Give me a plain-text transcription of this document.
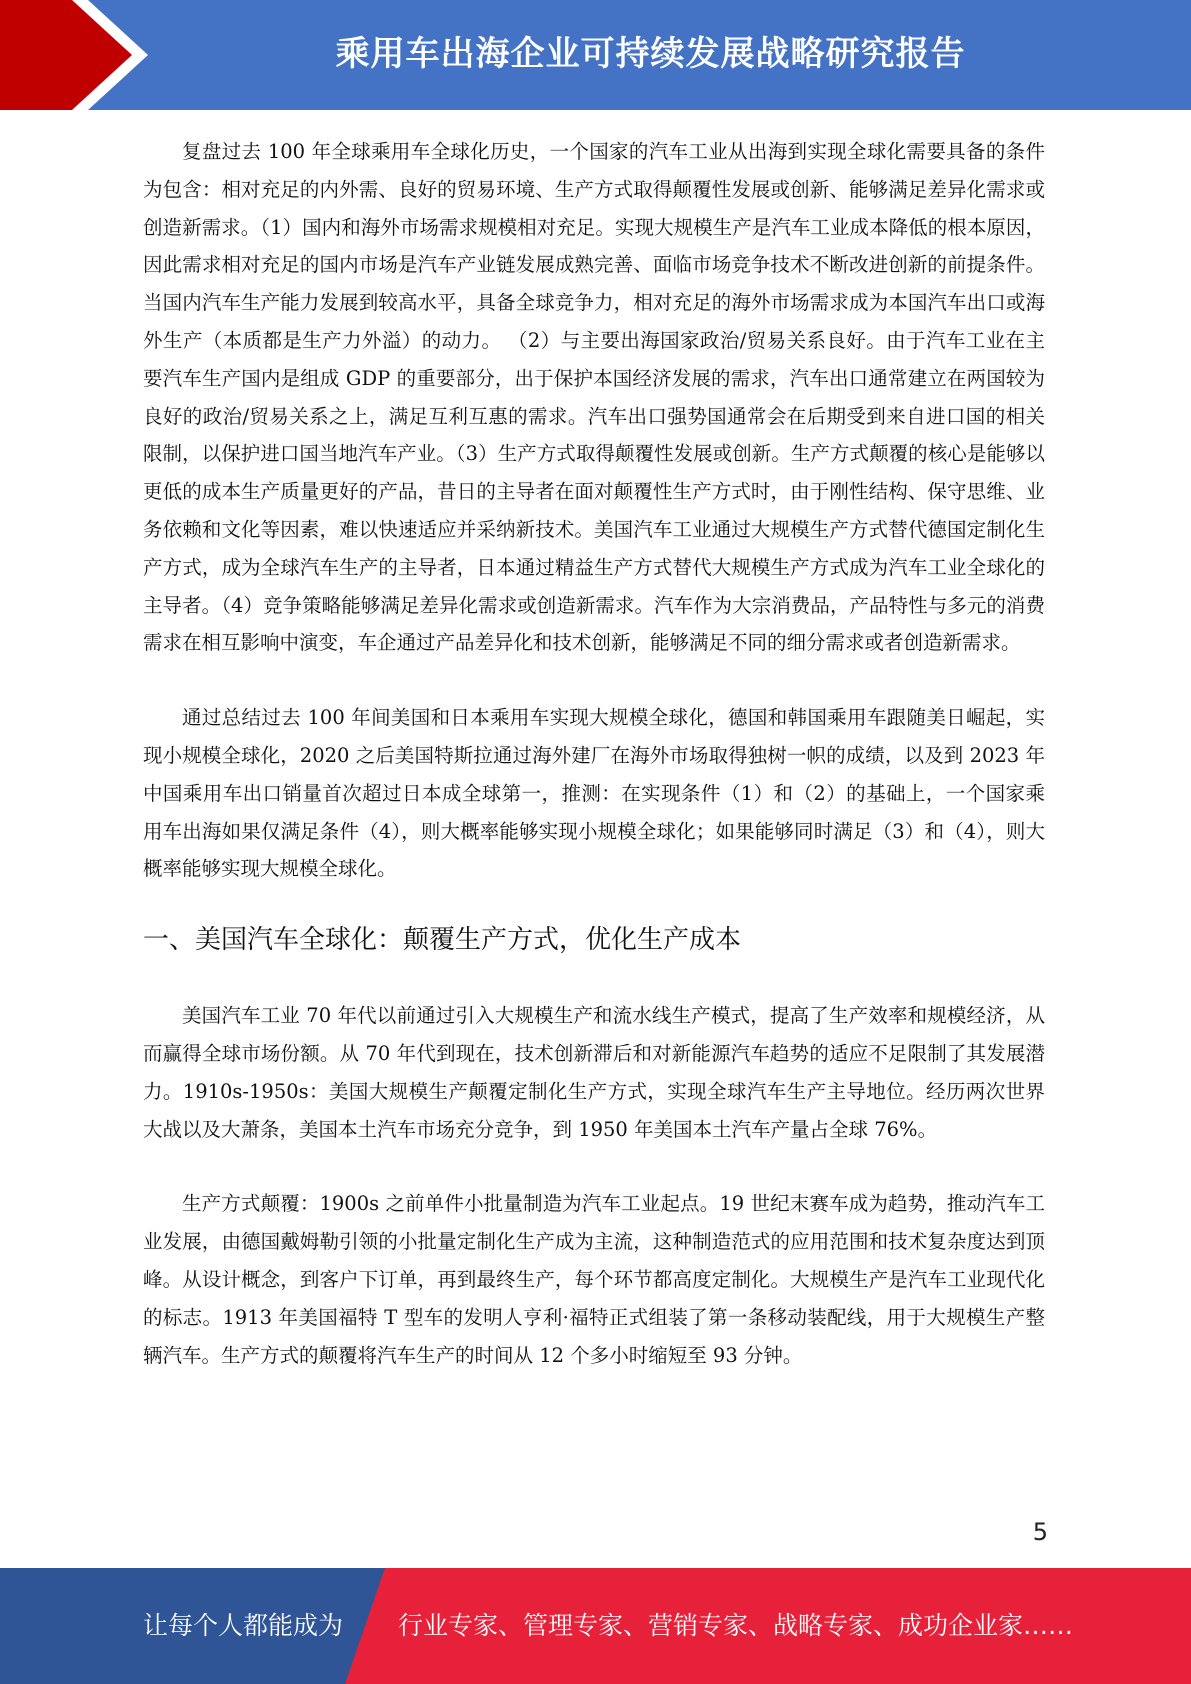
乘用车出海企业可持续发展战略研究报告

复盘过去 100 年全球乘用车全球化历史，一个国家的汽车工业从出海到实现全球化需要具备的条件为包含：相对充足的内外需、良好的贸易环境、生产方式取得颠覆性发展或创新、能够满足差异化需求或创造新需求。（1）国内和海外市场需求规模相对充足。实现大规模生产是汽车工业成本降低的根本原因，因此需求相对充足的国内市场是汽车产业链发展成熟完善、面临市场竞争技术不断改进创新的前提条件。当国内汽车生产能力发展到较高水平，具备全球竞争力，相对充足的海外市场需求成为本国汽车出口或海外生产（本质都是生产力外溢）的动力。 （2）与主要出海国家政治/贸易关系良好。由于汽车工业在主要汽车生产国内是组成 GDP 的重要部分，出于保护本国经济发展的需求，汽车出口通常建立在两国较为良好的政治/贸易关系之上，满足互利互惠的需求。汽车出口强势国通常会在后期受到来自进口国的相关限制，以保护进口国当地汽车产业。（3）生产方式取得颠覆性发展或创新。生产方式颠覆的核心是能够以更低的成本生产质量更好的产品，昔日的主导者在面对颠覆性生产方式时，由于刚性结构、保守思维、业务依赖和文化等因素，难以快速适应并采纳新技术。美国汽车工业通过大规模生产方式替代德国定制化生产方式，成为全球汽车生产的主导者，日本通过精益生产方式替代大规模生产方式成为汽车工业全球化的主导者。（4）竞争策略能够满足差异化需求或创造新需求。汽车作为大宗消费品，产品特性与多元的消费需求在相互影响中演变，车企通过产品差异化和技术创新，能够满足不同的细分需求或者创造新需求。

通过总结过去 100 年间美国和日本乘用车实现大规模全球化，德国和韩国乘用车跟随美日崛起，实现小规模全球化，2020 之后美国特斯拉通过海外建厂在海外市场取得独树一帜的成绩，以及到 2023 年中国乘用车出口销量首次超过日本成全球第一，推测：在实现条件（1）和（2）的基础上，一个国家乘用车出海如果仅满足条件（4），则大概率能够实现小规模全球化；如果能够同时满足（3）和（4），则大概率能够实现大规模全球化。

一、美国汽车全球化：颠覆生产方式，优化生产成本

美国汽车工业 70 年代以前通过引入大规模生产和流水线生产模式，提高了生产效率和规模经济，从而赢得全球市场份额。从 70 年代到现在，技术创新滞后和对新能源汽车趋势的适应不足限制了其发展潜力。1910s-1950s：美国大规模生产颠覆定制化生产方式，实现全球汽车生产主导地位。经历两次世界大战以及大萧条，美国本土汽车市场充分竞争，到 1950 年美国本土汽车产量占全球 76%。

生产方式颠覆：1900s 之前单件小批量制造为汽车工业起点。19 世纪末赛车成为趋势，推动汽车工业发展，由德国戴姆勒引领的小批量定制化生产成为主流，这种制造范式的应用范围和技术复杂度达到顶峰。从设计概念，到客户下订单，再到最终生产，每个环节都高度定制化。大规模生产是汽车工业现代化的标志。1913 年美国福特 T 型车的发明人亨利·福特正式组装了第一条移动装配线，用于大规模生产整辆汽车。生产方式的颠覆将汽车生产的时间从 12 个多小时缩短至 93 分钟。

5
让每个人都能成为 行业专家、管理专家、营销专家、战略专家、成功企业家……
